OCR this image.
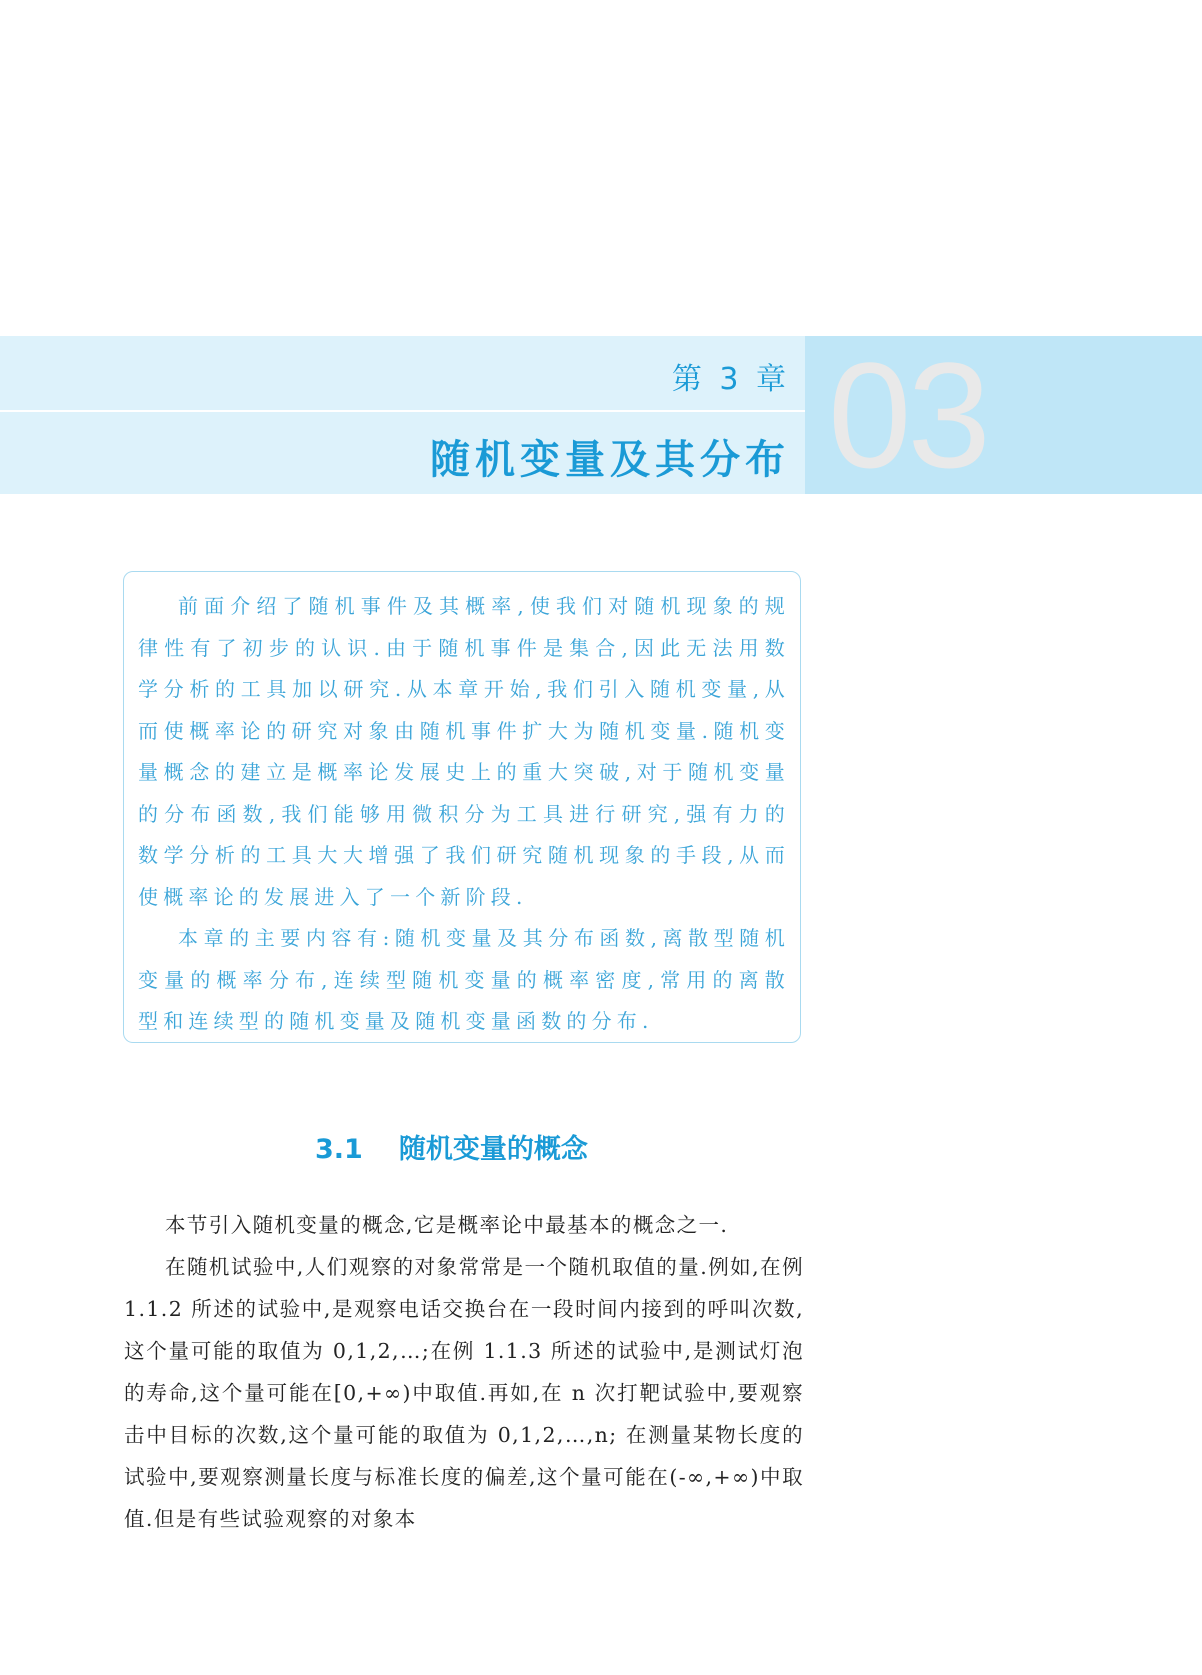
第 3 章
随机变量及其分布 03

前面介绍了随机事件及其概率,使我们对随机现象的规律性有了初步的认识.由于随机事件是集合,因此无法用数学分析的工具加以研究.从本章开始,我们引入随机变量,从而使概率论的研究对象由随机事件扩大为随机变量.随机变量概念的建立是概率论发展史上的重大突破,对于随机变量的分布函数,我们能够用微积分为工具进行研究,强有力的数学分析的工具大大增强了我们研究随机现象的手段,从而使概率论的发展进入了一个新阶段.

本章的主要内容有:随机变量及其分布函数,离散型随机变量的概率分布,连续型随机变量的概率密度,常用的离散型和连续型的随机变量及随机变量函数的分布.

3.1 随机变量的概念

本节引入随机变量的概念,它是概率论中最基本的概念之一.

在随机试验中,人们观察的对象常常是一个随机取值的量.例如,在例 1.1.2 所述的试验中,是观察电话交换台在一段时间内接到的呼叫次数,这个量可能的取值为 0,1,2,…;在例 1.1.3 所述的试验中,是测试灯泡的寿命,这个量可能在[0,+∞)中取值.再如,在 n 次打靶试验中,要观察击中目标的次数,这个量可能的取值为 0,1,2,…,n; 在测量某物长度的试验中,要观察测量长度与标准长度的偏差,这个量可能在(-∞,+∞)中取值.但是有些试验观察的对象本
